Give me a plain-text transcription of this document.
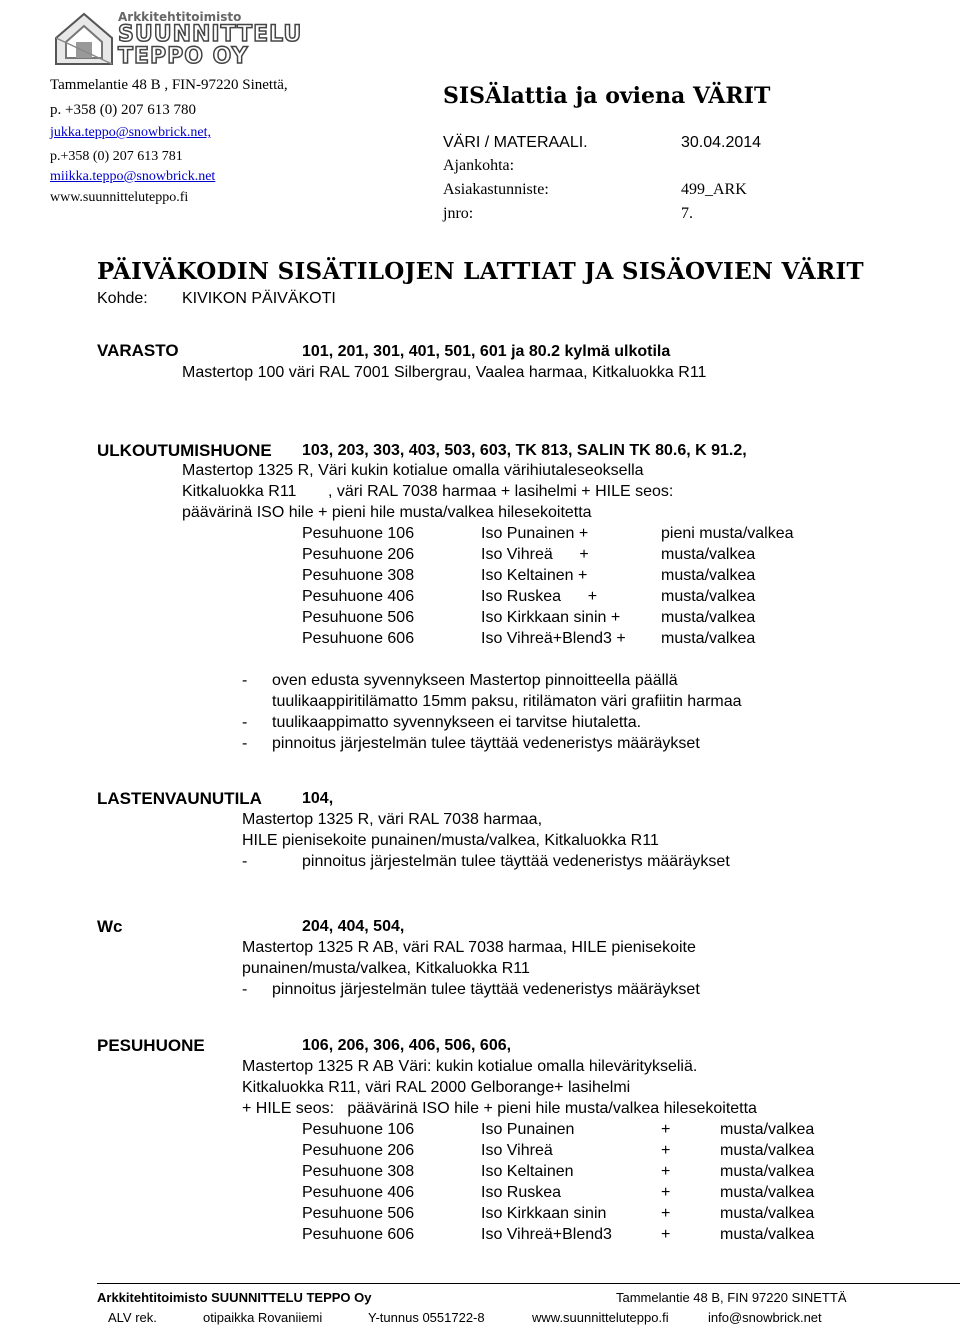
Arkkitehtitoimisto
SUUNNITTELU
TEPPO OY
Tammelantie 48 B , FIN-97220 Sinettä,
p. +358 (0) 207 613 780
jukka.teppo@snowbrick.net,
p.+358 (0) 207 613 781
miikka.teppo@snowbrick.net
www.suunnitteluteppo.fi
SISÄlattia ja oviena VÄRIT
VÄRI / MATERAALI.	30.04.2014
Ajankohta:
Asiakastunniste:	499_ARK
jnro:	7.
PÄIVÄKODIN SISÄTILOJEN LATTIAT JA SISÄOVIEN VÄRIT
Kohde: KIVIKON PÄIVÄKOTI
VARASTO	101, 201, 301, 401, 501, 601 ja 80.2 kylmä ulkotila
Mastertop 100 väri RAL 7001 Silbergrau, Vaalea harmaa, Kitkaluokka R11
ULKOUTUMISHUONE 103, 203, 303, 403, 503, 603, TK 813, SALIN TK 80.6, K 91.2,
Mastertop 1325 R, Väri kukin kotialue omalla värihiutaleseoksella
Kitkaluokka R11 , väri RAL 7038 harmaa + lasihelmi + HILE seos:
päävärinä ISO hile + pieni hile musta/valkea hilesekoitetta
Pesuhuone 106	Iso Punainen +	pieni musta/valkea
Pesuhuone 206	Iso Vihreä      +	musta/valkea
Pesuhuone 308	Iso Keltainen +	musta/valkea
Pesuhuone 406	Iso Ruskea      +	musta/valkea
Pesuhuone 506	Iso Kirkkaan sinin +	musta/valkea
Pesuhuone 606	Iso Vihreä+Blend3 + musta/valkea
- oven edusta syvennykseen Mastertop pinnoitteella päällä
tuulikaappiritilämatto 15mm paksu, ritilämaton väri grafiitin harmaa
- tuulikaappimatto syvennykseen ei tarvitse hiutaletta.
- pinnoitus järjestelmän tulee täyttää vedeneristys määräykset
LASTENVAUNUTILA	104,
Mastertop 1325 R, väri RAL 7038 harmaa,
HILE pienisekoite punainen/musta/valkea, Kitkaluokka R11
-	pinnoitus järjestelmän tulee täyttää vedeneristys määräykset
Wc	204, 404, 504,
Mastertop 1325 R AB, väri RAL 7038 harmaa, HILE pienisekoite
punainen/musta/valkea, Kitkaluokka R11
- pinnoitus järjestelmän tulee täyttää vedeneristys määräykset
PESUHUONE	106, 206, 306, 406, 506, 606,
Mastertop 1325 R AB Väri: kukin kotialue omalla hileväritykseliä.
Kitkaluokka R11, väri RAL 2000 Gelborange+ lasihelmi
+ HILE seos:   päävärinä ISO hile + pieni hile musta/valkea hilesekoitetta
Pesuhuone 106	Iso Punainen	+	musta/valkea
Pesuhuone 206	Iso Vihreä	+	musta/valkea
Pesuhuone 308	Iso Keltainen	+	musta/valkea
Pesuhuone 406	Iso Ruskea	+	musta/valkea
Pesuhuone 506	Iso Kirkkaan sinin	+	musta/valkea
Pesuhuone 606	Iso Vihreä+Blend3	+	musta/valkea
Arkkitehtitoimisto SUUNNITTELU TEPPO Oy	Tammelantie 48 B, FIN 97220 SINETTÄ
ALV rek.	otipaikka Rovaniiemi	Y-tunnus 0551722-8	www.suunnitteluteppo.fi	info@snowbrick.net
